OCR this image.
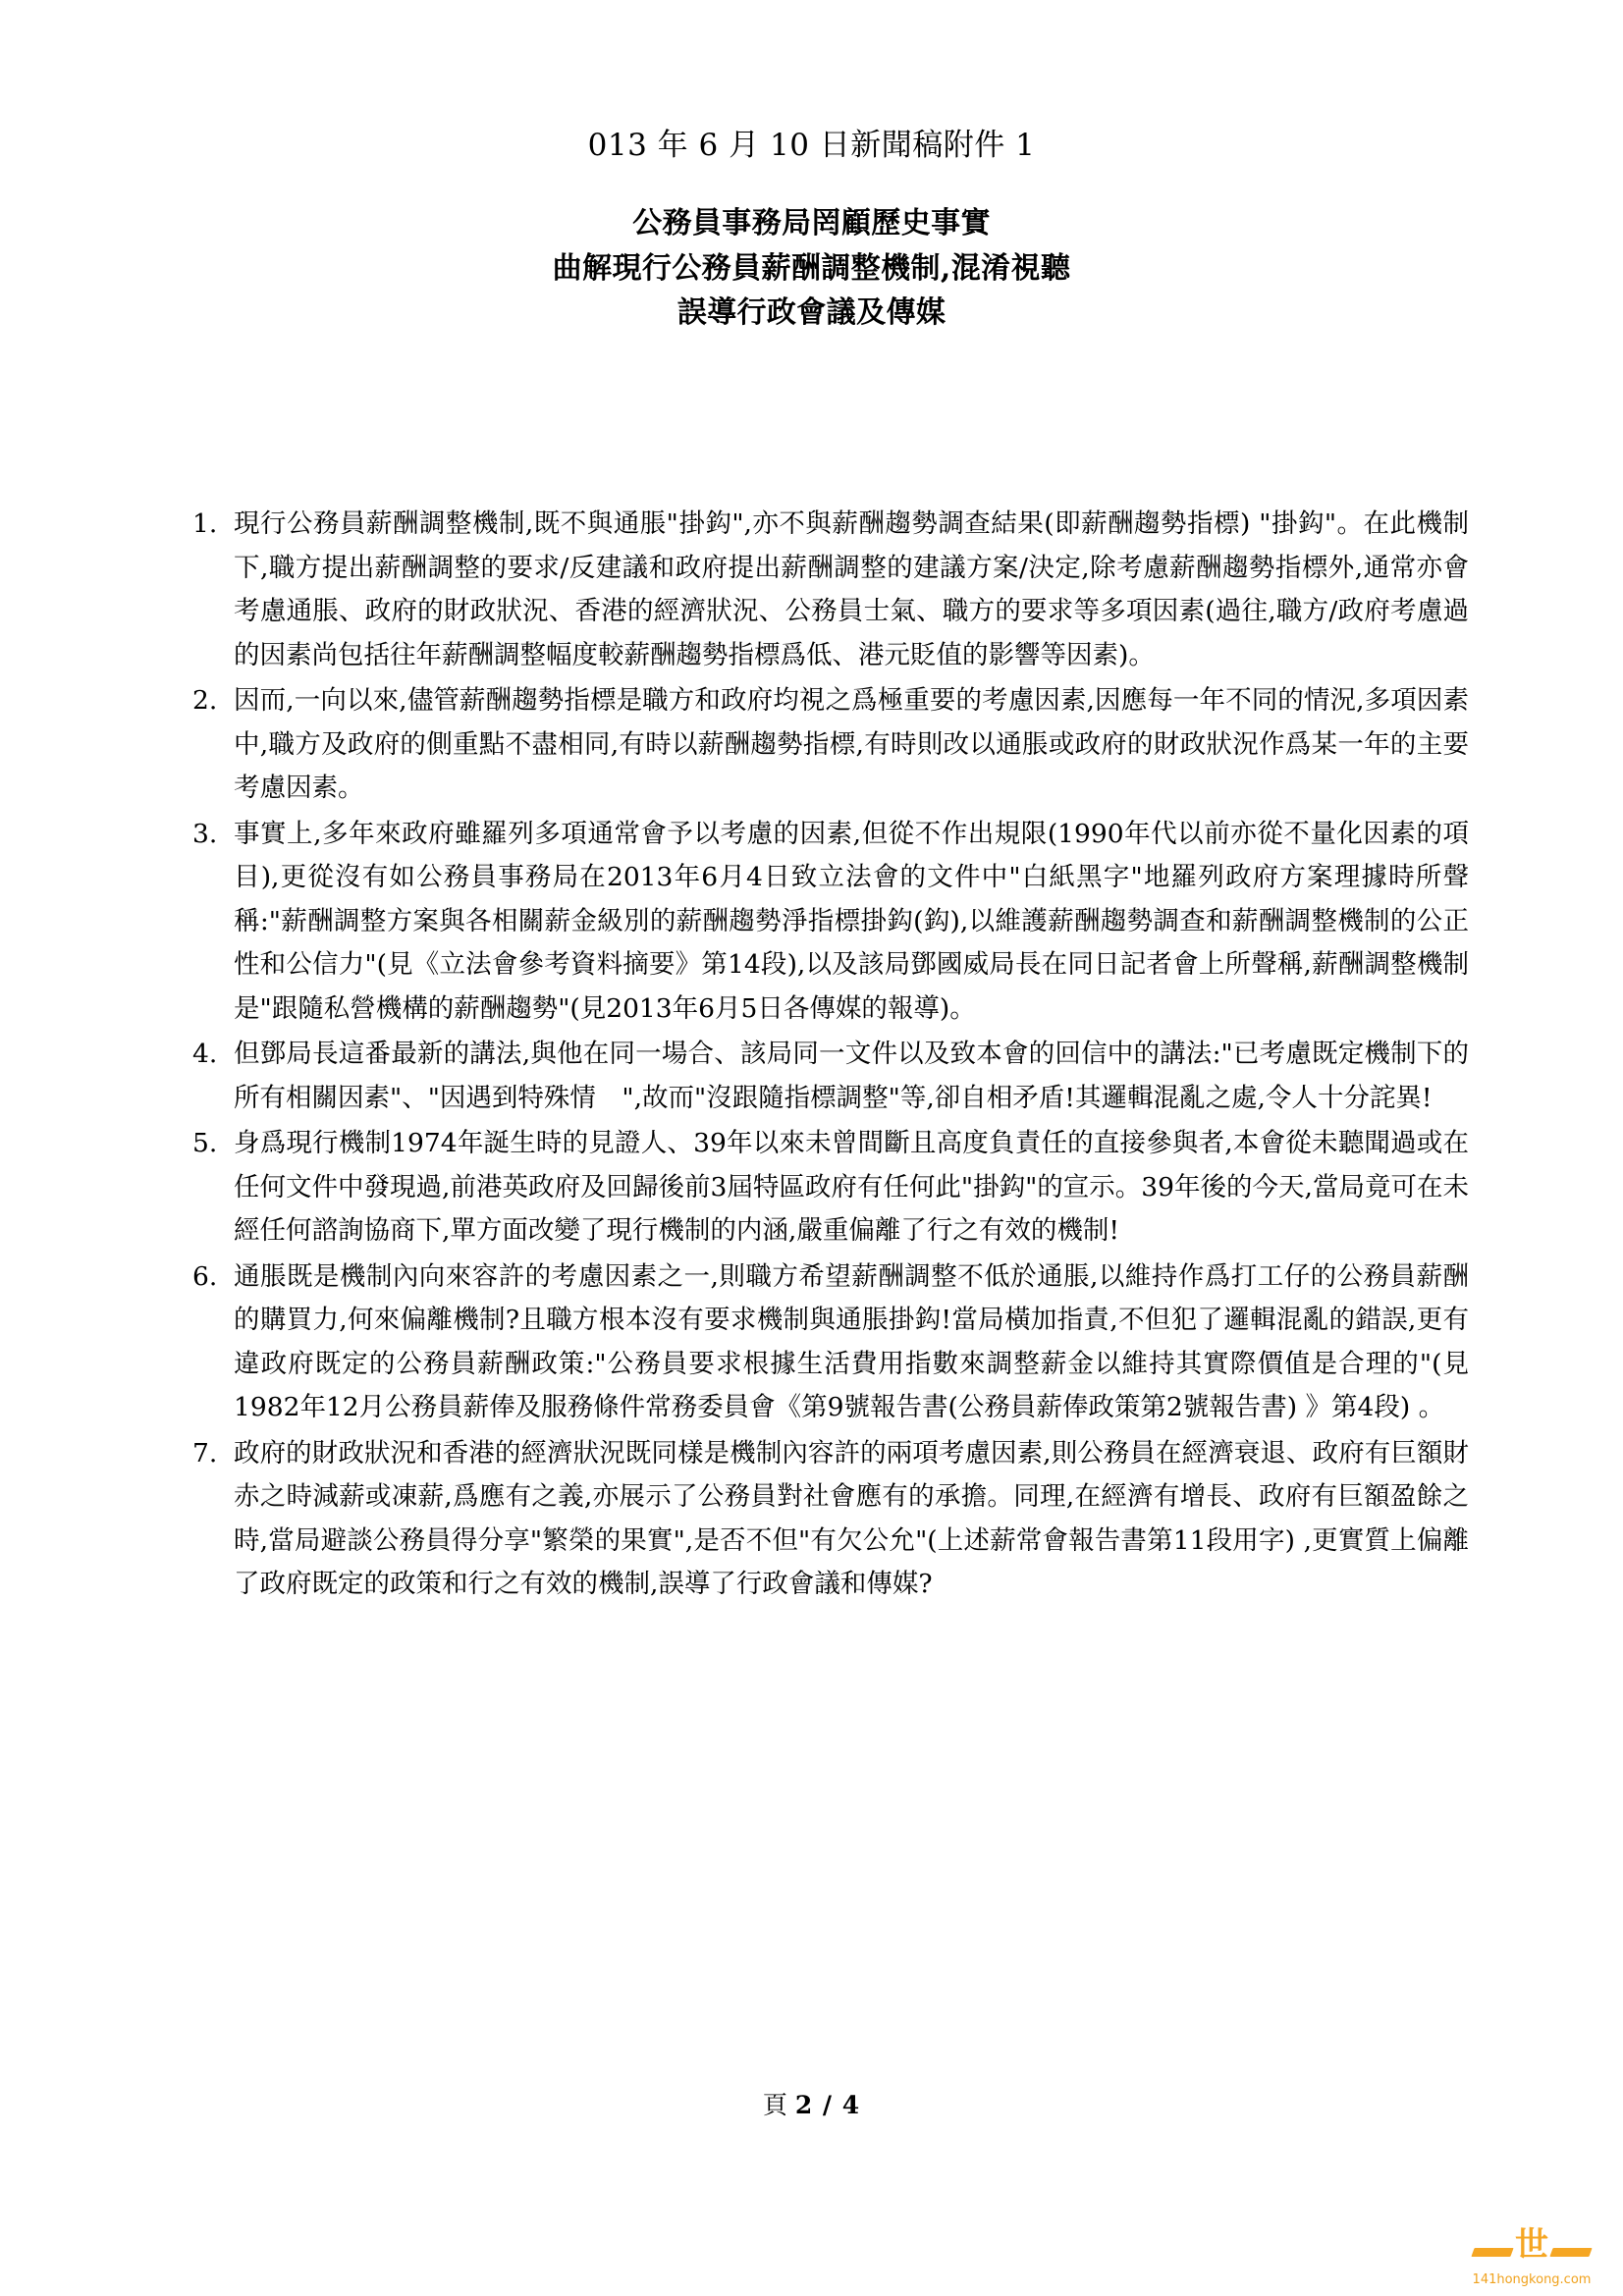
013 年 6 月 10 日新聞稿附件 1
公務員事務局罔顧歷史事實
曲解現行公務員薪酬調整機制,混淆視聽
誤導行政會議及傳媒
1. 現行公務員薪酬調整機制,既不與通脹"掛鈎",亦不與薪酬趨勢調查結果(即薪酬趨勢指標) "掛鈎"。在此機制下,職方提出薪酬調整的要求/反建議和政府提出薪酬調整的建議方案/決定,除考慮薪酬趨勢指標外,通常亦會考慮通脹、政府的財政狀況、香港的經濟狀況、公務員士氣、職方的要求等多項因素(過往,職方/政府考慮過的因素尚包括往年薪酬調整幅度較薪酬趨勢指標爲低、港元貶值的影響等因素)。
2. 因而,一向以來,儘管薪酬趨勢指標是職方和政府均視之爲極重要的考慮因素,因應每一年不同的情況,多項因素中,職方及政府的側重點不盡相同,有時以薪酬趨勢指標,有時則改以通脹或政府的財政狀況作爲某一年的主要考慮因素。
3. 事實上,多年來政府雖羅列多項通常會予以考慮的因素,但從不作出規限(1990年代以前亦從不量化因素的項目),更從沒有如公務員事務局在2013年6月4日致立法會的文件中"白紙黑字"地羅列政府方案理據時所聲稱:"薪酬調整方案與各相關薪金級別的薪酬趨勢淨指標掛鈎(鈎),以維護薪酬趨勢調查和薪酬調整機制的公正性和公信力"(見《立法會參考資料摘要》第14段),以及該局鄧國威局長在同日記者會上所聲稱,薪酬調整機制是"跟隨私營機構的薪酬趨勢"(見2013年6月5日各傳媒的報導)。
4. 但鄧局長這番最新的講法,與他在同一場合、該局同一文件以及致本會的回信中的講法:"已考慮既定機制下的所有相關因素"、"因遇到特殊情　",故而"沒跟隨指標調整"等,卻自相矛盾!其邏輯混亂之處,令人十分詫異!
5. 身爲現行機制1974年誕生時的見證人、39年以來未曾間斷且高度負責任的直接參與者,本會從未聽聞過或在任何文件中發現過,前港英政府及回歸後前3屆特區政府有任何此"掛鈎"的宣示。39年後的今天,當局竟可在未經任何諮詢協商下,單方面改變了現行機制的内涵,嚴重偏離了行之有效的機制!
6. 通脹既是機制內向來容許的考慮因素之一,則職方希望薪酬調整不低於通脹,以維持作爲打工仔的公務員薪酬的購買力,何來偏離機制?且職方根本沒有要求機制與通脹掛鈎!當局橫加指責,不但犯了邏輯混亂的錯誤,更有違政府既定的公務員薪酬政策:"公務員要求根據生活費用指數來調整薪金以維持其實際價值是合理的"(見1982年12月公務員薪俸及服務條件常務委員會《第9號報告書(公務員薪俸政策第2號報告書) 》第4段) 。
7. 政府的財政狀況和香港的經濟狀況既同樣是機制內容許的兩項考慮因素,則公務員在經濟衰退、政府有巨額財赤之時減薪或凍薪,爲應有之義,亦展示了公務員對社會應有的承擔。同理,在經濟有增長、政府有巨額盈餘之時,當局避談公務員得分享"繁榮的果實",是否不但"有欠公允"(上述薪常會報告書第11段用字) ,更實質上偏離了政府既定的政策和行之有效的機制,誤導了行政會議和傳媒?
頁 2 / 4
世
141hongkong.com
